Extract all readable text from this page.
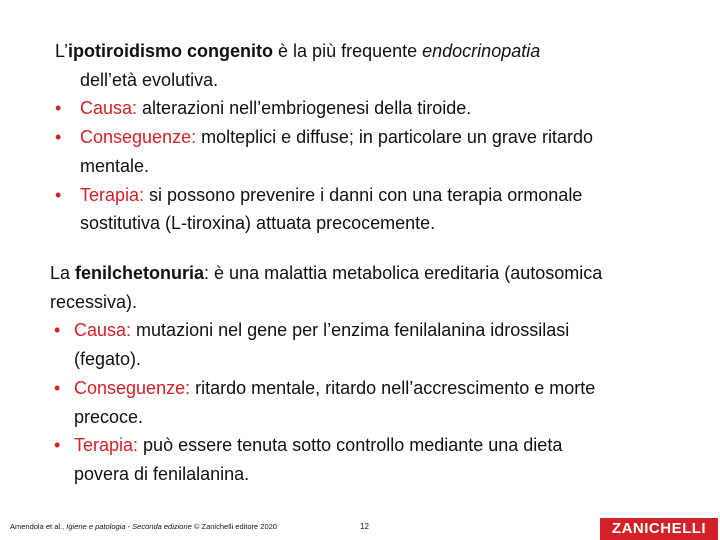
L’ipotiroidismo congenito è la più frequente endocrinopatia
dell’età evolutiva.
•	Causa: alterazioni nell’embriogenesi della tiroide.
•	Conseguenze: molteplici e diffuse; in particolare un grave ritardo
mentale.
•	Terapia: si possono prevenire i danni con una terapia ormonale
sostitutiva (L-tiroxina) attuata precocemente.
La fenilchetonuria: è una malattia metabolica ereditaria (autosomica
recessiva).
• Causa: mutazioni nel gene per l’enzima fenilalanina idrossilasi
(fegato).
• Conseguenze: ritardo mentale, ritardo nell’accrescimento e morte
precoce.
• Terapia: può essere tenuta sotto controllo mediante una dieta
povera di fenilalanina.
Amendola et al., Igiene e patologia - Seconda edizione © Zanichelli editore 2020	12	ZANICHELLI
